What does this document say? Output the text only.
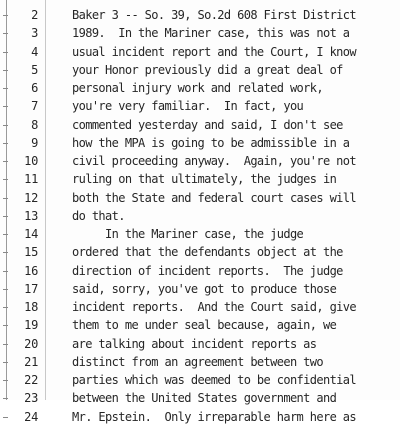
2	Baker 3 -- So. 39, So.2d 608 First District
3	1989.  In the Mariner case, this was not a
4	usual incident report and the Court, I know
5	your Honor previously did a great deal of
6	personal injury work and related work,
7	you're very familiar.  In fact, you
8	commented yesterday and said, I don't see
9	how the MPA is going to be admissible in a
10	civil proceeding anyway.  Again, you're not
11	ruling on that ultimately, the judges in
12	both the State and federal court cases will
13	do that.
14	In the Mariner case, the judge
15	ordered that the defendants object at the
16	direction of incident reports.  The judge
17	said, sorry, you've got to produce those
18	incident reports.  And the Court said, give
19	them to me under seal because, again, we
20	are talking about incident reports as
21	distinct from an agreement between two
22	parties which was deemed to be confidential
23	between the United States government and
24	Mr. Epstein.  Only irreparable harm here as
